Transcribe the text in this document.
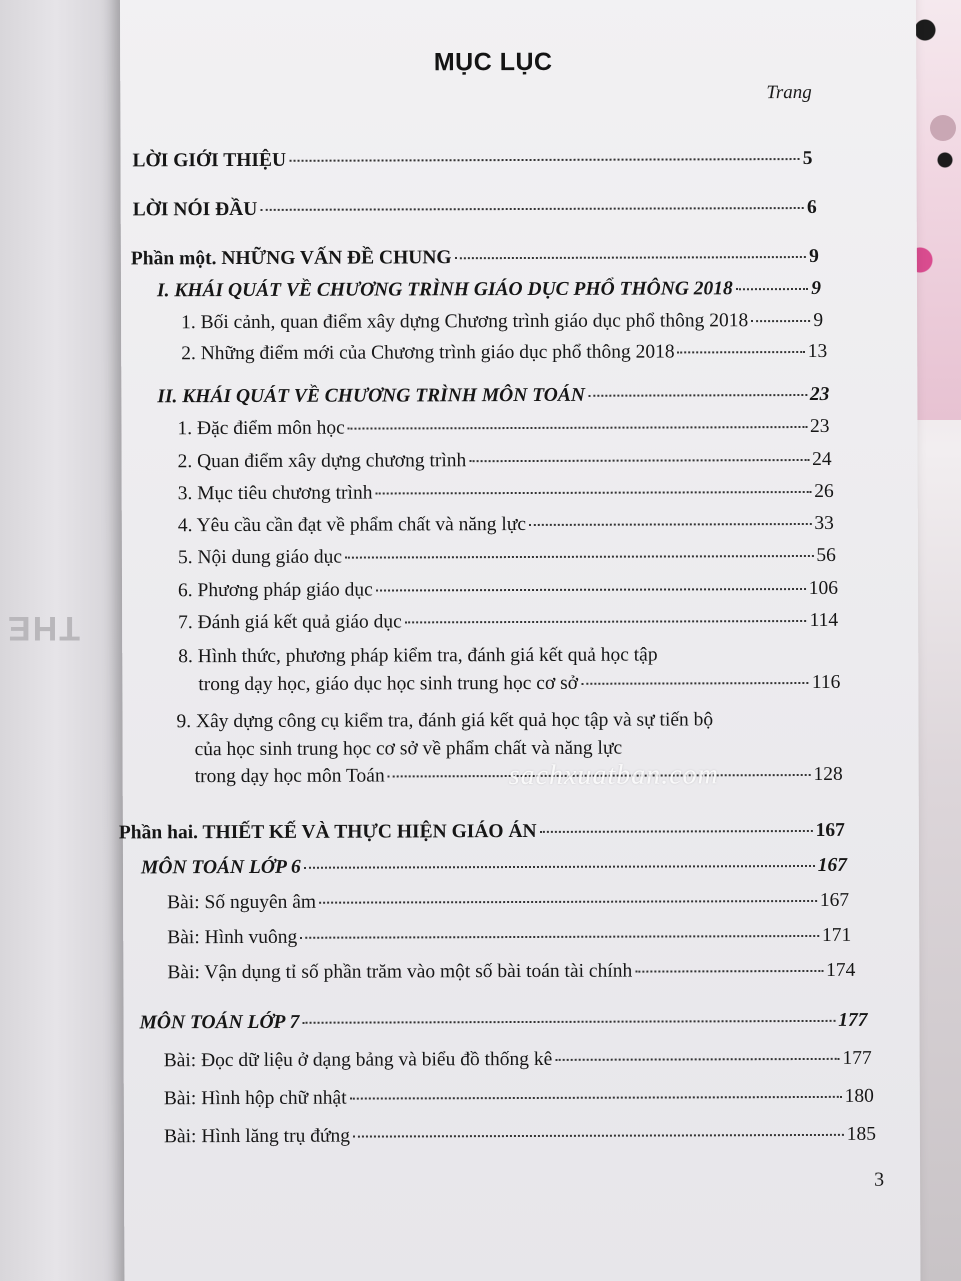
THE
MỤC LỤC
Trang
LỜI GIỚI THIỆU	5
LỜI NÓI ĐẦU	6
Phần một. NHỮNG VẤN ĐỀ CHUNG	9
I. KHÁI QUÁT VỀ CHƯƠNG TRÌNH GIÁO DỤC PHỔ THÔNG 2018	9
1. Bối cảnh, quan điểm xây dựng Chương trình giáo dục phổ thông 2018	9
2. Những điểm mới của Chương trình giáo dục phổ thông 2018	13
II. KHÁI QUÁT VỀ CHƯƠNG TRÌNH MÔN TOÁN	23
1. Đặc điểm môn học	23
2. Quan điểm xây dựng chương trình	24
3. Mục tiêu chương trình	26
4. Yêu cầu cần đạt về phẩm chất và năng lực	33
5. Nội dung giáo dục	56
6. Phương pháp giáo dục	106
7. Đánh giá kết quả giáo dục	114
8. Hình thức, phương pháp kiểm tra, đánh giá kết quả học tập
trong dạy học, giáo dục học sinh trung học cơ sở	116
9. Xây dựng công cụ kiểm tra, đánh giá kết quả học tập và sự tiến bộ
của học sinh trung học cơ sở về phẩm chất và năng lực
trong dạy học môn Toán	128
Phần hai. THIẾT KẾ VÀ THỰC HIỆN GIÁO ÁN	167
MÔN TOÁN LỚP 6	167
Bài: Số nguyên âm	167
Bài: Hình vuông	171
Bài: Vận dụng tỉ số phần trăm vào một số bài toán tài chính	174
MÔN TOÁN LỚP 7	177
Bài: Đọc dữ liệu ở dạng bảng và biểu đồ thống kê	177
Bài: Hình hộp chữ nhật	180
Bài: Hình lăng trụ đứng	185
sachxuatban.com
3
